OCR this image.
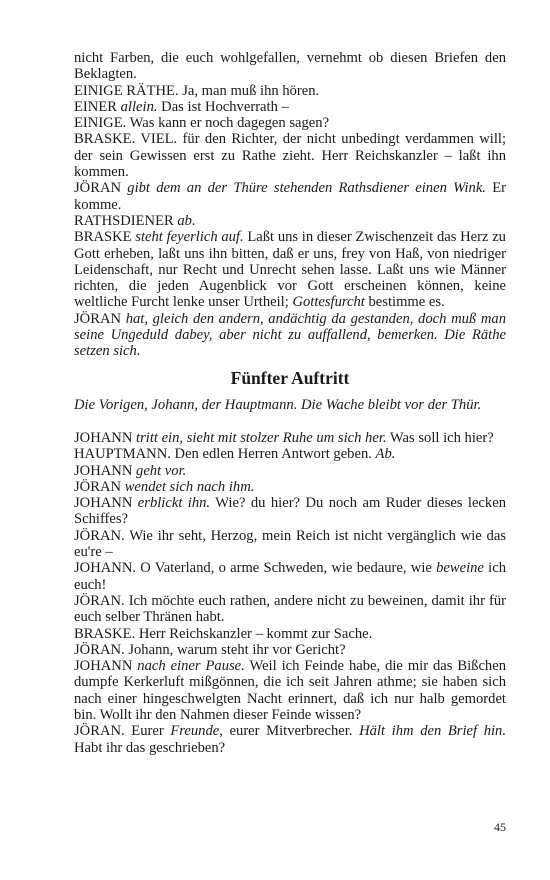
nicht Farben, die euch wohlgefallen, vernehmt ob diesen Briefen den Beklagten.

EINIGE RÄTHE. Ja, man muß ihn hören.

EINER allein. Das ist Hochverrath –

EINIGE. Was kann er noch dagegen sagen?

BRASKE. VIEL. für den Richter, der nicht unbedingt verdammen will; der sein Gewissen erst zu Rathe zieht. Herr Reichskanzler – laßt ihn kommen.

JÖRAN gibt dem an der Thüre stehenden Rathsdiener einen Wink. Er komme.

RATHSDIENER ab.

BRASKE steht feyerlich auf. Laßt uns in dieser Zwischenzeit das Herz zu Gott erheben, laßt uns ihn bitten, daß er uns, frey von Haß, von niedriger Leidenschaft, nur Recht und Unrecht sehen lasse. Laßt uns wie Männer richten, die jeden Augenblick vor Gott erscheinen können, keine weltliche Furcht lenke unser Urtheil; Gottesfurcht bestimme es.

JÖRAN hat, gleich den andern, andächtig da gestanden, doch muß man seine Ungeduld dabey, aber nicht zu auffallend, bemerken. Die Räthe setzen sich.

Fünfter Auftritt
Die Vorigen, Johann, der Hauptmann. Die Wache bleibt vor der Thür.

JOHANN tritt ein, sieht mit stolzer Ruhe um sich her. Was soll ich hier?

HAUPTMANN. Den edlen Herren Antwort geben. Ab.

JOHANN geht vor.

JÖRAN wendet sich nach ihm.

JOHANN erblickt ihn. Wie? du hier? Du noch am Ruder dieses lecken Schiffes?

JÖRAN. Wie ihr seht, Herzog, mein Reich ist nicht vergänglich wie das eu're –

JOHANN. O Vaterland, o arme Schweden, wie bedaure, wie beweine ich euch!

JÖRAN. Ich möchte euch rathen, andere nicht zu beweinen, damit ihr für euch selber Thränen habt.

BRASKE. Herr Reichskanzler – kommt zur Sache.

JÖRAN. Johann, warum steht ihr vor Gericht?

JOHANN nach einer Pause. Weil ich Feinde habe, die mir das Bißchen dumpfe Kerkerluft mißgönnen, die ich seit Jahren athme; sie haben sich nach einer hingeschwelgten Nacht erinnert, daß ich nur halb gemordet bin. Wollt ihr den Nahmen dieser Feinde wissen?

JÖRAN. Eurer Freunde, eurer Mitverbrecher. Hält ihm den Brief hin. Habt ihr das geschrieben?

45
